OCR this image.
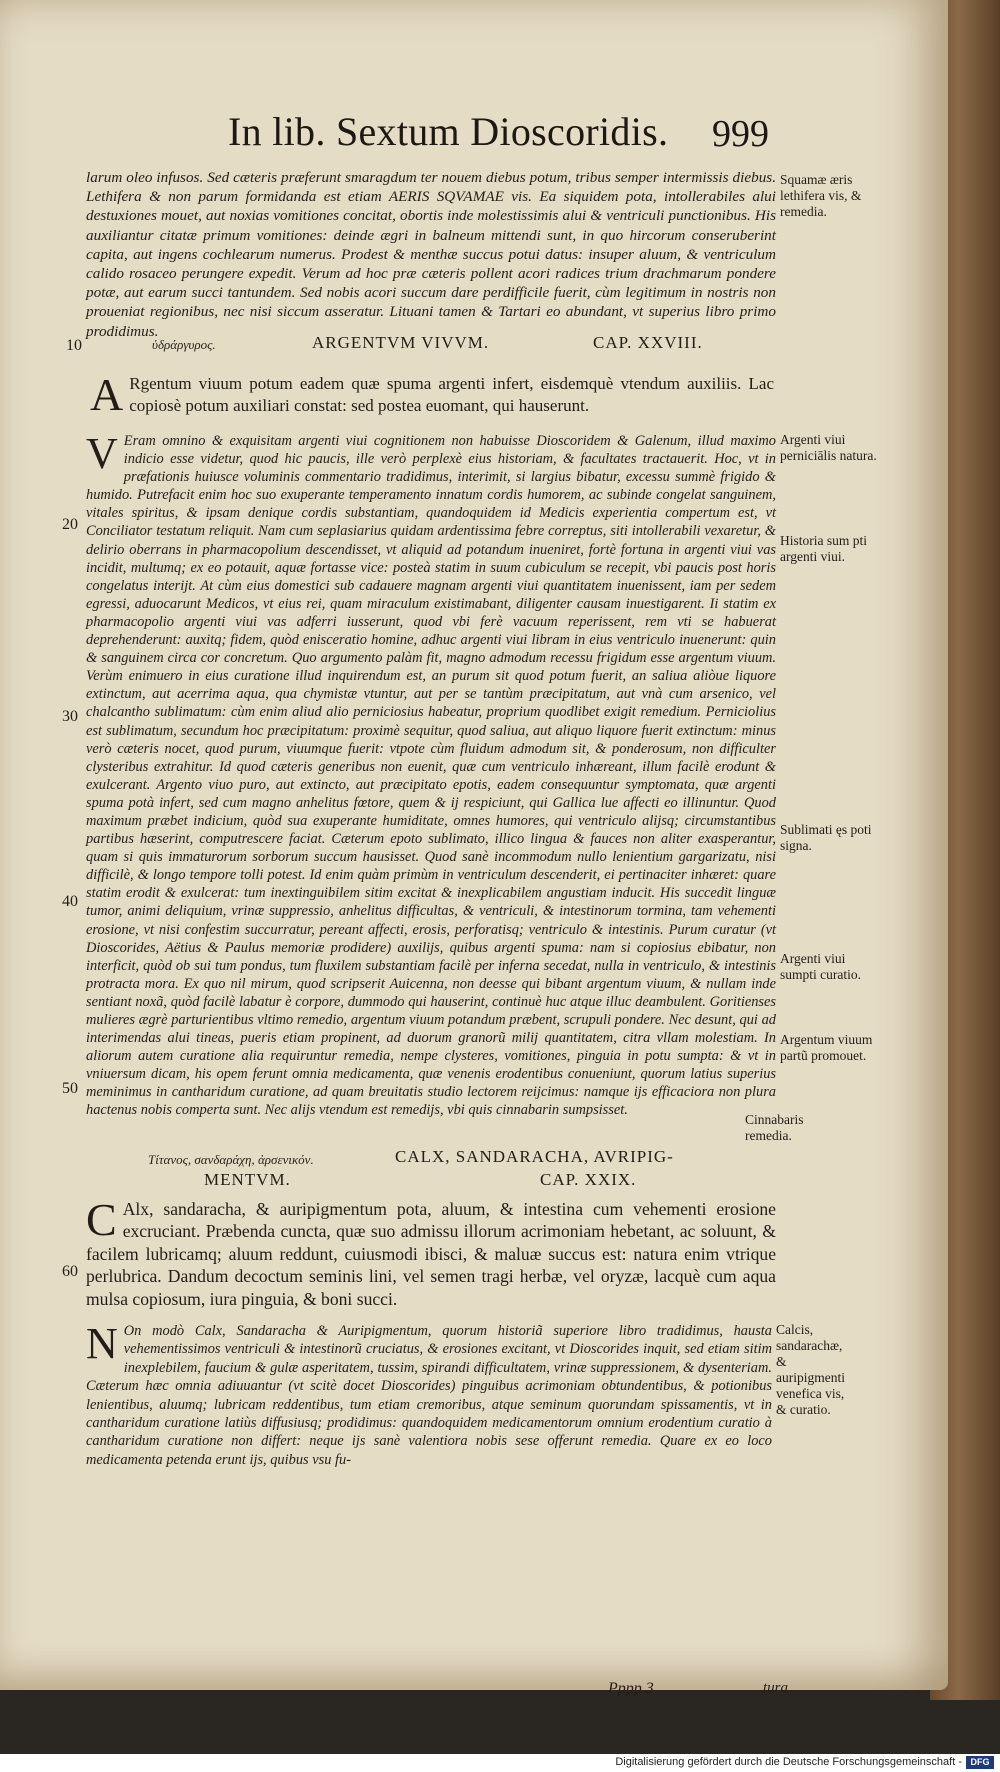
In lib. Sextum Dioscoridis. 999
larum oleo infusos. Sed cæteris præferunt smaragdum ter nouem diebus potum, tribus semper intermissis diebus. Lethifera & non parum formidanda est etiam AERIS SQVAMAE vis. Ea siquidem pota, intollerabiles alui destuxiones mouet, aut noxias vomitiones concitat, obortis inde molestissimis alui & ventriculi punctionibus. His auxiliantur citatæ primum vomitiones: deinde ægri in balneum mittendi sunt, in quo hircorum conseruberint capita, aut ingens cochlearum numerus. Prodest & menthæ succus potui datus: insuper aluum, & ventriculum calido rosaceo perungere expedit. Verum ad hoc præ cæteris pollent acori radices trium drachmarum pondere potæ, aut earum succi tantundem. Sed nobis acori succum dare perdifficile fuerit, cùm legitimum in nostris non proueniat regionibus, nec nisi siccum asseratur. Lituani tamen & Tartari eo abundant, vt superius libro primo prodidimus.
10	ὑδράργυρος.	ARGENTVM VIVVM.	CAP. XXVIII.
A Rgentum viuum potum eadem quæ spuma argenti infert, eisdemquè vtendum auxiliis. Lac copiosè potum auxiliari constat: sed postea euomant, qui hauserunt.
V Eram omnino & exquisitam argenti viui cognitionem non habuisse Dioscoridem & Galenum, illud maximo indicio esse videtur, quod hic paucis, ille verò perplexè eius historiam, & facultates tractauerit. Hoc, vt in præfationis huiusce voluminis commentario tradidimus, interimit, si largius bibatur, excessu summè frigido & humido. Putrefacit enim hoc suo exuperante temperamento innatum cordis humorem, ac subinde congelat sanguinem, vitales spiritus, & ipsam denique cordis substantiam, quandoquidem id Medicis experientia compertum est, vt Conciliator testatum reliquit. Nam cum seplasiarius quidam ardentissima febre correptus, siti intollerabili vexaretur, & delirio oberrans in pharmacopolium descendisset, vt aliquid ad potandum inueniret, fortè fortuna in argenti viui vas incidit, multumq; ex eo potauit, aquæ fortasse vice: posteà statim in suum cubiculum se recepit, vbi paucis post horis congelatus interijt. At cùm eius domestici sub cadauere magnam argenti viui quantitatem inuenissent, iam per sedem egressi, aduocarunt Medicos, vt eius rei, quam miraculum existimabant, diligenter causam inuestigarent. Ii statim ex pharmacopolio argenti viui vas adferri iusserunt, quod vbi ferè vacuum reperissent, rem vti se habuerat deprehenderunt: auxitq; fidem, quòd enisceratio homine, adhuc argenti viui libram in eius ventriculo inuenerunt: quin & sanguinem circa cor concretum. Quo argumento palàm fit, magno admodum recessu frigidum esse argentum viuum. Verùm enimuero in eius curatione illud inquirendum est, an purum sit quod potum fuerit, an saliua aliòue liquore extinctum, aut acerrima aqua, qua chymistæ vtuntur, aut per se tantùm præcipitatum, aut vnà cum arsenico, vel chalcantho sublimatum: cùm enim aliud alio perniciosius habeatur, proprium quodlibet exigit remedium. Perniciolius est sublimatum, secundum hoc præcipitatum: proximè sequitur, quod saliua, aut aliquo liquore fuerit extinctum: minus verò cæteris nocet, quod purum, viuumque fuerit: vtpote cùm fluidum admodum sit, & ponderosum, non difficulter clysteribus extrahitur. Id quod cæteris generibus non euenit, quæ cum ventriculo inhæreant, illum facilè erodunt & exulcerant. Argento viuo puro, aut extincto, aut præcipitato epotis, eadem consequuntur symptomata, quæ argenti spuma potà infert, sed cum magno anhelitus fœtore, quem & ij respiciunt, qui Gallica lue affecti eo illinuntur. Quod maximum præbet indicium, quòd sua exuperante humiditate, omnes humores, qui ventriculo alijsq; circumstantibus partibus hæserint, computrescere faciat. Cæterum epoto sublimato, illico lingua & fauces non aliter exasperantur, quam si quis immaturorum sorborum succum hausisset. Quod sanè incommodum nullo lenientium gargarizatu, nisi difficilè, & longo tempore tolli potest. Id enim quàm primùm in ventriculum descenderit, ei pertinaciter inhæret: quare statim erodit & exulcerat: tum inextinguibilem sitim excitat & inexplicabilem angustiam inducit. His succedit linguæ tumor, animi deliquium, vrinæ suppressio, anhelitus difficultas, & ventriculi, & intestinorum tormina, tam vehementi erosione, vt nisi confestim succurratur, pereant affecti, erosis, perforatisq; ventriculo & intestinis. Purum curatur (vt Dioscorides, Aëtius & Paulus memoriæ prodidere) auxilijs, quibus argenti spuma: nam si copiosius ebibatur, non interficit, quòd ob sui tum pondus, tum fluxilem substantiam facilè per inferna secedat, nulla in ventriculo, & intestinis protracta mora. Ex quo nil mirum, quod scripserit Auicenna, non deesse qui bibant argentum viuum, & nullam inde sentiant noxã, quòd facilè labatur è corpore, dummodo qui hauserint, continuè huc atque illuc deambulent. Goritienses mulieres ægrè parturientibus vltimo remedio, argentum viuum potandum præbent, scrupuli pondere. Nec desunt, qui ad interimendas alui tineas, pueris etiam propinent, ad duorum granorũ milij quantitatem, citra vllam molestiam. In aliorum autem curatione alia requiruntur remedia, nempe clysteres, vomitiones, pinguia in potu sumpta: & vt in vniuersum dicam, his opem ferunt omnia medicamenta, quæ venenis erodentibus conueniunt, quorum latius superius meminimus in cantharidum curatione, ad quam breuitatis studio lectorem reijcimus: namque ijs efficaciora non plura hactenus nobis comperta sunt. Nec alijs vtendum est remedijs, vbi quis cinnabarin sumpsisset.
20
30
40
50
60
Squamæ æris lethifera vis, & remedia.
Argenti viui perniciālis natura.
Historia sum pti argenti viui.
Sublimati ęs poti signa.
Argenti viui sumpti curatio.
Argentum viuum partũ promouet.
Cinnabaris remedia.
Calcis, sandarachæ, & auripigmenti venefica vis, & curatio.
Τίτανος, σανδαράχη, ἀρσενικόν.
MENTVM.
CALX, SANDARACHA, AVRIPIG-
CAP. XXIX.
C Alx, sandaracha, & auripigmentum pota, aluum, & intestina cum vehementi erosione excruciant. Præbenda cuncta, quæ suo admissu illorum acrimoniam hebetant, ac soluunt, & facilem lubricamq; aluum reddunt, cuiusmodi ibisci, & maluæ succus est: natura enim vtrique perlubrica. Dandum decoctum seminis lini, vel semen tragi herbæ, vel oryzæ, lacquè cum aqua mulsa copiosum, iura pinguia, & boni succi.
N On modò Calx, Sandaracha & Auripigmentum, quorum historiã superiore libro tradidimus, hausta vehementissimos ventriculi & intestinorũ cruciatus, & erosiones excitant, vt Dioscorides inquit, sed etiam sitim inexplebilem, faucium & gulæ asperitatem, tussim, spirandi difficultatem, vrinæ suppressionem, & dysenteriam. Cæterum hæc omnia adiuuantur (vt scitè docet Dioscorides) pinguibus acrimoniam obtundentibus, & potionibus lenientibus, aluumq; lubricam reddentibus, tum etiam cremoribus, atque seminum quorundam spissamentis, vt in cantharidum curatione latiùs diffusiusq; prodidimus: quandoquidem medicamentorum omnium erodentium curatio à cantharidum curatione non differt: neque ijs sanè valentiora nobis sese offerunt remedia. Quare ex eo loco medicamenta petenda erunt ijs, quibus vsu fu-
Pppp 3	tura
Digitalisierung gefördert durch die Deutsche Forschungsgemeinschaft - DFG
